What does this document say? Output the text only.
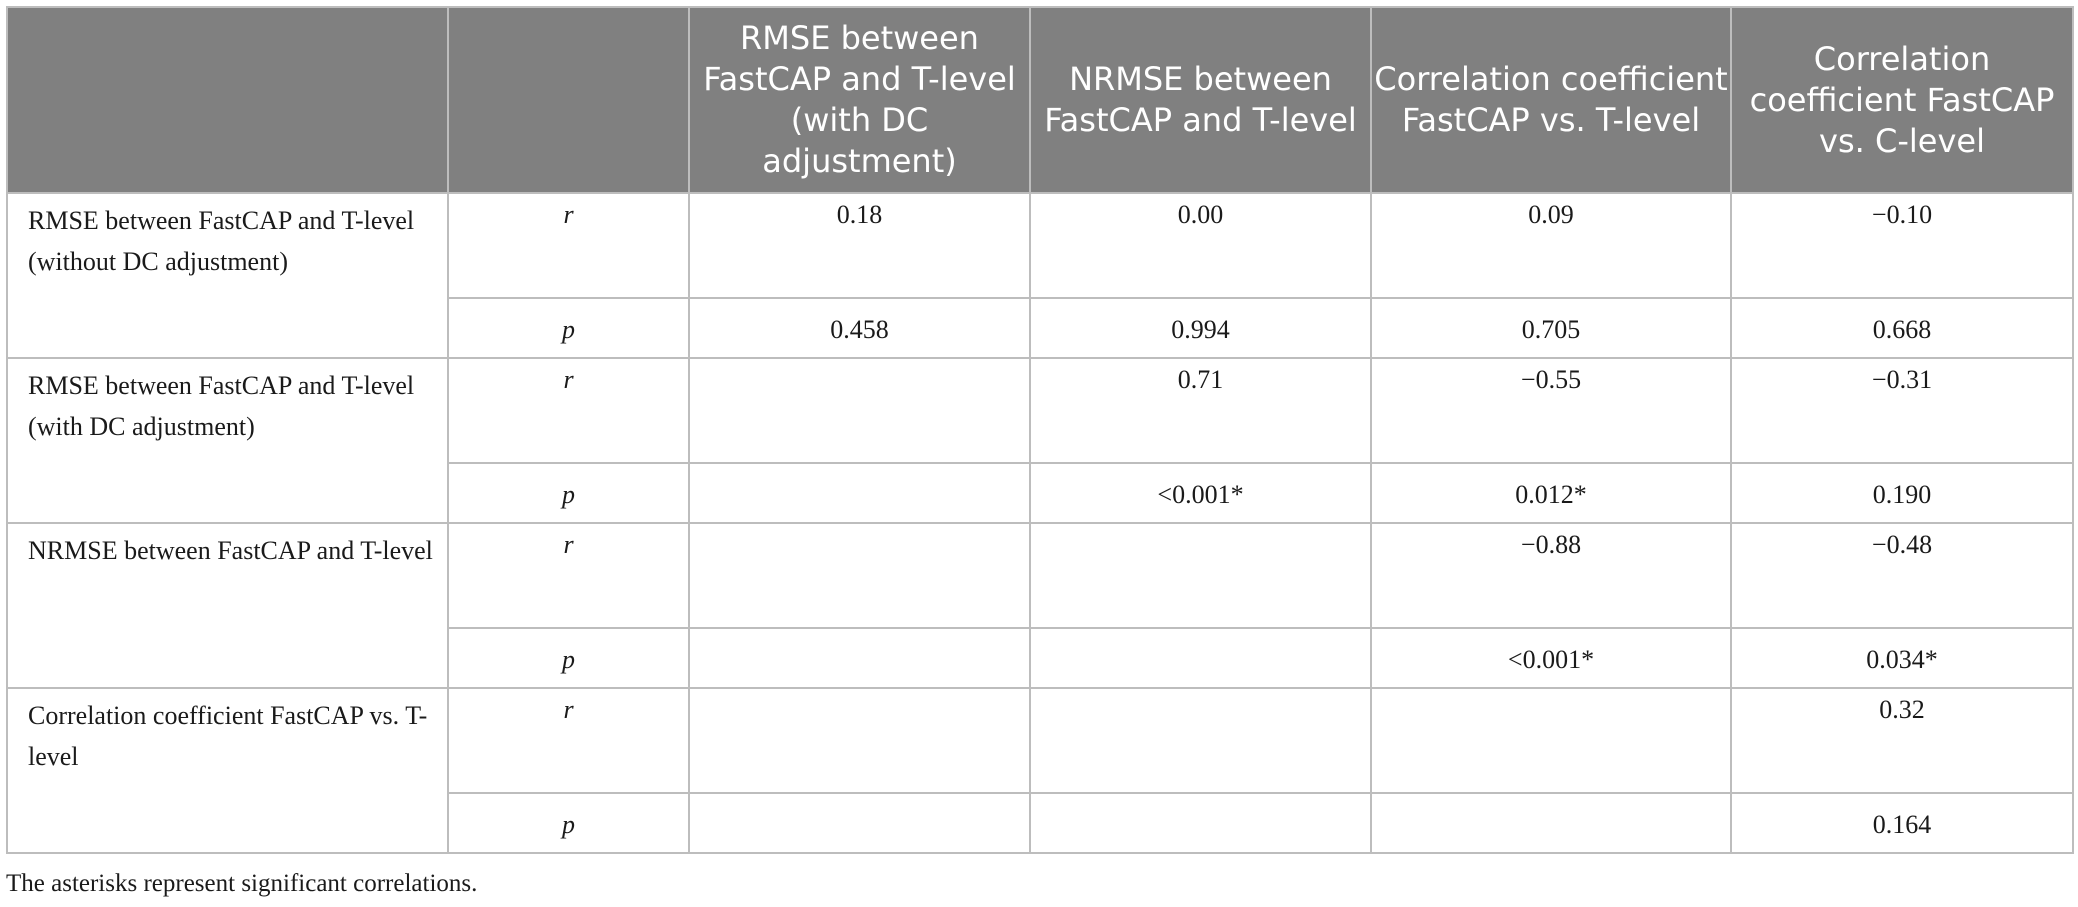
		RMSE between FastCAP and T-level (with DC adjustment)	NRMSE between FastCAP and T-level	Correlation coefficient FastCAP vs. T-level	Correlation coefficient FastCAP vs. C-level
RMSE between FastCAP and T-level (without DC adjustment)	r	0.18	0.00	0.09	−0.10
	p	0.458	0.994	0.705	0.668
RMSE between FastCAP and T-level (with DC adjustment)	r		0.71	−0.55	−0.31
	p		<0.001*	0.012*	0.190
NRMSE between FastCAP and T-level	r			−0.88	−0.48
	p			<0.001*	0.034*
Correlation coefficient FastCAP vs. T-level	r				0.32
	p				0.164

The asterisks represent significant correlations.
